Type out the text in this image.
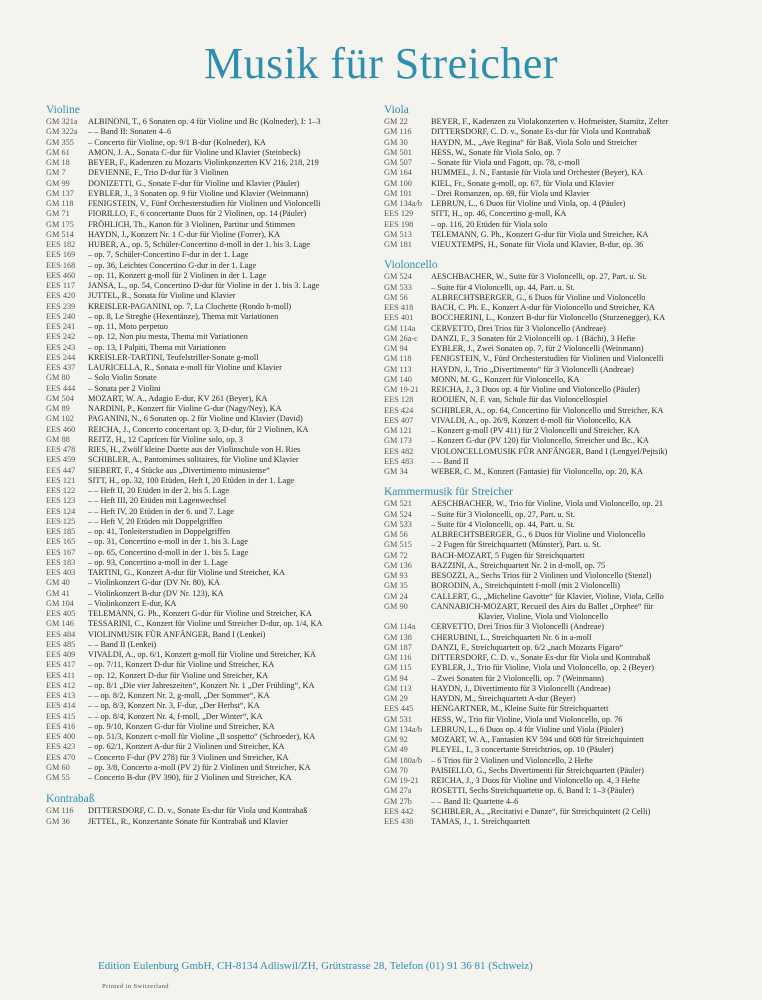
Musik für Streicher
Violine
GM 321a	ALBINONI, T., 6 Sonaten op. 4 für Violine und Bc (Kolneder), I: 1–3
GM 322a	– – Band II: Sonaten 4–6
GM 355	– Concerto für Violine, op. 9/1 B-dur (Kolneder), KA
GM 61	AMON, J. A., Sonata C-dur für Violine und Klavier (Steinbeck)
GM 18	BEYER, F., Kadenzen zu Mozarts Violinkonzerten KV 216, 218, 219
GM 7	DEVIENNE, F., Trio D-dur für 3 Violinen
GM 99	DONIZETTI, G., Sonate F-dur für Violine und Klavier (Päuler)
GM 137	EYBLER, J., 3 Sonaten op. 9 für Violine und Klavier (Weinmann)
GM 118	FENIGSTEIN, V., Fünf Orchesterstudien für Violinen und Violoncelli
GM 71	FIORILLO, F., 6 concertante Duos für 2 Violinen, op. 14 (Päuler)
GM 175	FRÖHLICH, Th., Kanon für 3 Violinen, Partitur und Stimmen
GM 514	HAYDN, J., Konzert Nr. 1 C-dur für Violine (Forrer), KA
EES 182	HUBER, A., op. 5, Schüler-Concertino d-moll in der 1. bis 3. Lage
EES 169	– op. 7, Schüler-Concertino F-dur in der 1. Lage
EES 168	– op. 36, Leichtes Concertino G-dur in der 1. Lage
EES 460	– op. 11, Konzert g-moll für 2 Violinen in der 1. Lage
EES 117	JANSA, L., op. 54, Concertino D-dur für Violine in der 1. bis 3. Lage
EES 420	JUTTEL, R., Sonata für Violine und Klavier
EES 239	KREISLER-PAGANINI, op. 7, La Clochette (Rondo h-moll)
EES 240	– op. 8, Le Streghe (Hexentänze), Thema mit Variationen
EES 241	– op. 11, Moto perpetuo
EES 242	– op. 12, Non piu mesta, Thema mit Variationen
EES 243	– op. 13, I Palpiti, Thema mit Variationen
EES 244	KREISLER-TARTINI, Teufelstriller-Sonate g-moll
EES 437	LAURICELLA, R., Sonata e-moll für Violine und Klavier
GM 80	– Solo Violin Sonate
EES 444	– Sonata per 2 Violini
GM 504	MOZART, W. A., Adagio E-dur, KV 261 (Beyer), KA
GM 89	NARDINI, P., Konzert für Violine G-dur (Nagy/Ney), KA
GM 102	PAGANINI, N., 6 Sonaten op. 2 für Violine und Klavier (David)
EES 460	REICHA, J., Concerto concertant op. 3, D-dur, für 2 Violinen, KA
GM 88	REITZ, H., 12 Capricen für Violine solo, op. 3
EES 478	RIES, H., Zwölf kleine Duette aus der Violinschule von H. Ries
EES 459	SCHIBLER, A., Pantomimes solitaires, für Violine und Klavier
EES 447	SIEBERT, F., 4 Stücke aus „Divertimento minusiense“
EES 121	SITT, H., op. 32, 100 Etüden, Heft I, 20 Etüden in der 1. Lage
EES 122	– – Heft II, 20 Etüden in der 2. bis 5. Lage
EES 123	– – Heft III, 20 Etüden mit Lagenwechsel
EES 124	– – Heft IV, 20 Etüden in der 6. und 7. Lage
EES 125	– – Heft V, 20 Etüden mit Doppelgriffen
EES 185	– op. 41, Tonleiterstudien in Doppelgriffen
EES 165	– op. 31, Concertino e-moll in der 1. bis 3. Lage
EES 167	– op. 65, Concertino d-moll in der 1. bis 5. Lage
EES 183	– op. 93, Concertino a-moll in der 1. Lage
EES 403	TARTINI, G., Konzert A-dur für Violine und Streicher, KA
GM 40	– Violinkonzert G-dur (DV Nr. 80), KA
GM 41	– Violinkonzert B-dur (DV Nr. 123), KA
GM 104	– Violinkonzert E-dur, KA
EES 405	TELEMANN, G. Ph., Konzert G-dur für Violine und Streicher, KA
GM 146	TESSARINI, C., Konzert für Violine und Streicher D-dur, op. 1/4, KA
EES 484	VIOLINMUSIK FÜR ANFÄNGER, Band I (Lenkei)
EES 485	– – Band II (Lenkei)
EES 409	VIVALDI, A., op. 6/1, Konzert g-moll für Violine und Streicher, KA
EES 417	– op. 7/11, Konzert D-dur für Violine und Streicher, KA
EES 411	– op. 12, Konzert D-dur für Violine und Streicher, KA
EES 412	– op. 8/1 „Die vier Jahreszeiten“, Konzert Nr. 1 „Der Frühling“, KA
EES 413	– – op. 8/2, Konzert Nr. 2, g-moll, „Der Sommer“, KA
EES 414	– – op. 8/3, Konzert Nr. 3, F-dur, „Der Herbst“, KA
EES 415	– – op. 8/4, Konzert Nr. 4, f-moll, „Der Winter“, KA
EES 416	– op. 9/10, Konzert G-dur für Violine und Streicher, KA
EES 400	– op. 51/3, Konzert c-moll für Violine „Il sospetto“ (Schroeder), KA
EES 423	– op. 62/1, Konzert A-dur für 2 Violinen und Streicher, KA
EES 470	– Concerto F-dur (PV 278) für 3 Violinen und Streicher, KA
GM 60	– op. 3/8, Concerto a-moll (PV 2) für 2 Violinen und Streicher, KA
GM 55	– Concerto B-dur (PV 390), für 2 Violinen und Streicher, KA
Kontrabaß
GM 116	DITTERSDORF, C. D. v., Sonate Es-dur für Viola und Kontrabaß
GM 36	JETTEL, R., Konzertante Sonate für Kontrabaß und Klavier
Viola
GM 22	BEYER, F., Kadenzen zu Violakonzerten v. Hofmeister, Stamitz, Zelter
GM 116	DITTERSDORF, C. D. v., Sonate Es-dur für Viola und Kontrabaß
GM 30	HAYDN, M., „Ave Regina“ für Baß, Viola Solo und Streicher
GM 501	HESS, W., Sonate für Viola Solo, op. 7
GM 507	– Sonate für Viola und Fagott, op. 78, c-moll
GM 164	HUMMEL, J. N., Fantasie für Viola und Orchester (Beyer), KA
GM 100	KIEL, Fr., Sonate g-moll, op. 67, für Viola und Klavier
GM 101	– Drei Romanzen, op. 69, für Viola und Klavier
GM 134a/b	LEBRUN, L., 6 Duos für Violine und Viola, op. 4 (Päuler)
EES 129	SITT, H., op. 46, Concertino g-moll, KA
EES 198	– op. 116, 20 Etüden für Viola solo
GM 513	TELEMANN, G. Ph., Konzert G-dur für Viola und Streicher, KA
GM 181	VIEUXTEMPS, H., Sonate für Viola und Klavier, B-dur, op. 36
Violoncello
GM 524	AESCHBACHER, W., Suite für 3 Violoncelli, op. 27, Part. u. St.
GM 533	– Suite für 4 Violoncelli, op. 44, Part. u. St.
GM 56	ALBRECHTSBERGER, G., 6 Duos für Violine und Violoncello
EES 418	BACH, C. Ph. E., Konzert A-dur für Violoncello und Streicher, KA
EES 401	BOCCHERINI, L., Konzert B-dur für Violoncello (Sturzenegger), KA
GM 114a	CERVETTO, Drei Trios für 3 Violoncello (Andreae)
GM 26a-c	DANZI, F., 3 Sonaten für 2 Violoncelli op. 1 (Bächi), 3 Hefte
GM 94	EYBLER, J., Zwei Sonaten op. 7, für 2 Violoncelli (Weinmann)
GM 118	FENIGSTEIN, V., Fünf Orchesterstudien für Violinen und Violoncelli
GM 113	HAYDN, J., Trio „Divertimento“ für 3 Violoncelli (Andreae)
GM 140	MONN, M. G., Konzert für Violoncello, KA
GM 19-21	REICHA, J., 3 Duos op. 4 für Violine und Violoncello (Päuler)
EES 128	ROOIJEN, N. F. van, Schule für das Violoncellospiel
EES 424	SCHIBLER, A., op. 64, Concertino für Violoncello und Streicher, KA
EES 407	VIVALDI, A., op. 26/9, Konzert d-moll für Violoncello, KA
GM 121	– Konzert g-moll (PV 411) für 2 Violoncelli und Streicher, KA
GM 173	– Konzert G-dur (PV 120) für Violoncello, Streicher und Bc., KA
EES 482	VIOLONCELLOMUSIK FÜR ANFÄNGER, Band I (Lengyel/Pejtsik)
EES 483	– – Band II
GM 34	WEBER, C. M., Konzert (Fantasie) für Violoncello, op. 20, KA
Kammermusik für Streicher
GM 521	AESCHBACHER, W., Trio für Violine, Viola und Violoncello, op. 21
GM 524	– Suite für 3 Violoncelli, op. 27, Part. u. St.
GM 533	– Suite für 4 Violoncelli, op. 44, Part. u. St.
GM 56	ALBRECHTSBERGER, G., 6 Duos für Violine und Violoncello
GM 515	– 2 Fugen für Streichquartett (Münster), Part. u. St.
GM 72	BACH-MOZART, 5 Fugen für Streichquartett
GM 136	BAZZINI, A., Streichquartett Nr. 2 in d-moll, op. 75
GM 93	BESOZZI, A., Sechs Trios für 2 Violinen und Violoncello (Stenzl)
GM 35	BORODIN, A., Streichquintett f-moll (mit 2 Violoncelli)
GM 24	CALLERT, G., „Micheline Gavotte“ für Klavier, Violine, Viola, Cello
GM 90	CANNABICH-MOZART, Recueil des Airs du Ballet „Orphee“ für
Klavier, Violine, Viola und Violoncello
GM 114a	CERVETTO, Drei Trios für 3 Violoncelli (Andreae)
GM 138	CHERUBINI, L., Streichquartett Nr. 6 in a-moll
GM 187	DANZI, F., Streichquartett op. 6/2 „nach Mozarts Figaro“
GM 116	DITTERSDORF, C. D. v., Sonate Es-dur für Viola und Kontrabaß
GM 115	EYBLER, J., Trio für Violine, Viola und Violoncello, op. 2 (Beyer)
GM 94	– Zwei Sonaten für 2 Violoncelli, op. 7 (Weinmann)
GM 113	HAYDN, J., Divertimento für 3 Violoncelli (Andreae)
GM 29	HAYDN, M., Streichquartett A-dur (Beyer)
EES 445	HENGARTNER, M., Kleine Suite für Streichquartett
GM 531	HESS, W., Trio für Violine, Viola und Violoncello, op. 76
GM 134a/b	LEBRUN, L., 6 Duos op. 4 für Violine und Viola (Päuler)
GM 92	MOZART, W. A., Fantasien KV 594 und 608 für Streichquintett
GM 49	PLEYEL, I., 3 concertante Streichtrios, op. 10 (Päuler)
GM 180a/b	– 6 Trios für 2 Violinen und Violoncello, 2 Hefte
GM 70	PAISIELLO, G., Sechs Divertimenti für Streichquartett (Päuler)
GM 19-21	REICHA, J., 3 Duos für Violine und Violoncello op. 4, 3 Hefte
GM 27a	ROSETTI, Sechs Streichquartette op. 6, Band I: 1–3 (Päuler)
GM 27b	– – Band II: Quartette 4–6
EES 442	SCHIBLER, A., „Recitativi e Danze“, für Streichquintett (2 Celli)
EES 438	TAMAS, J., 1. Streichquartett
Edition Eulenburg GmbH, CH-8134 Adliswil/ZH, Grütstrasse 28, Telefon (01) 91 36 81 (Schweiz)
Printed in Switzerland
